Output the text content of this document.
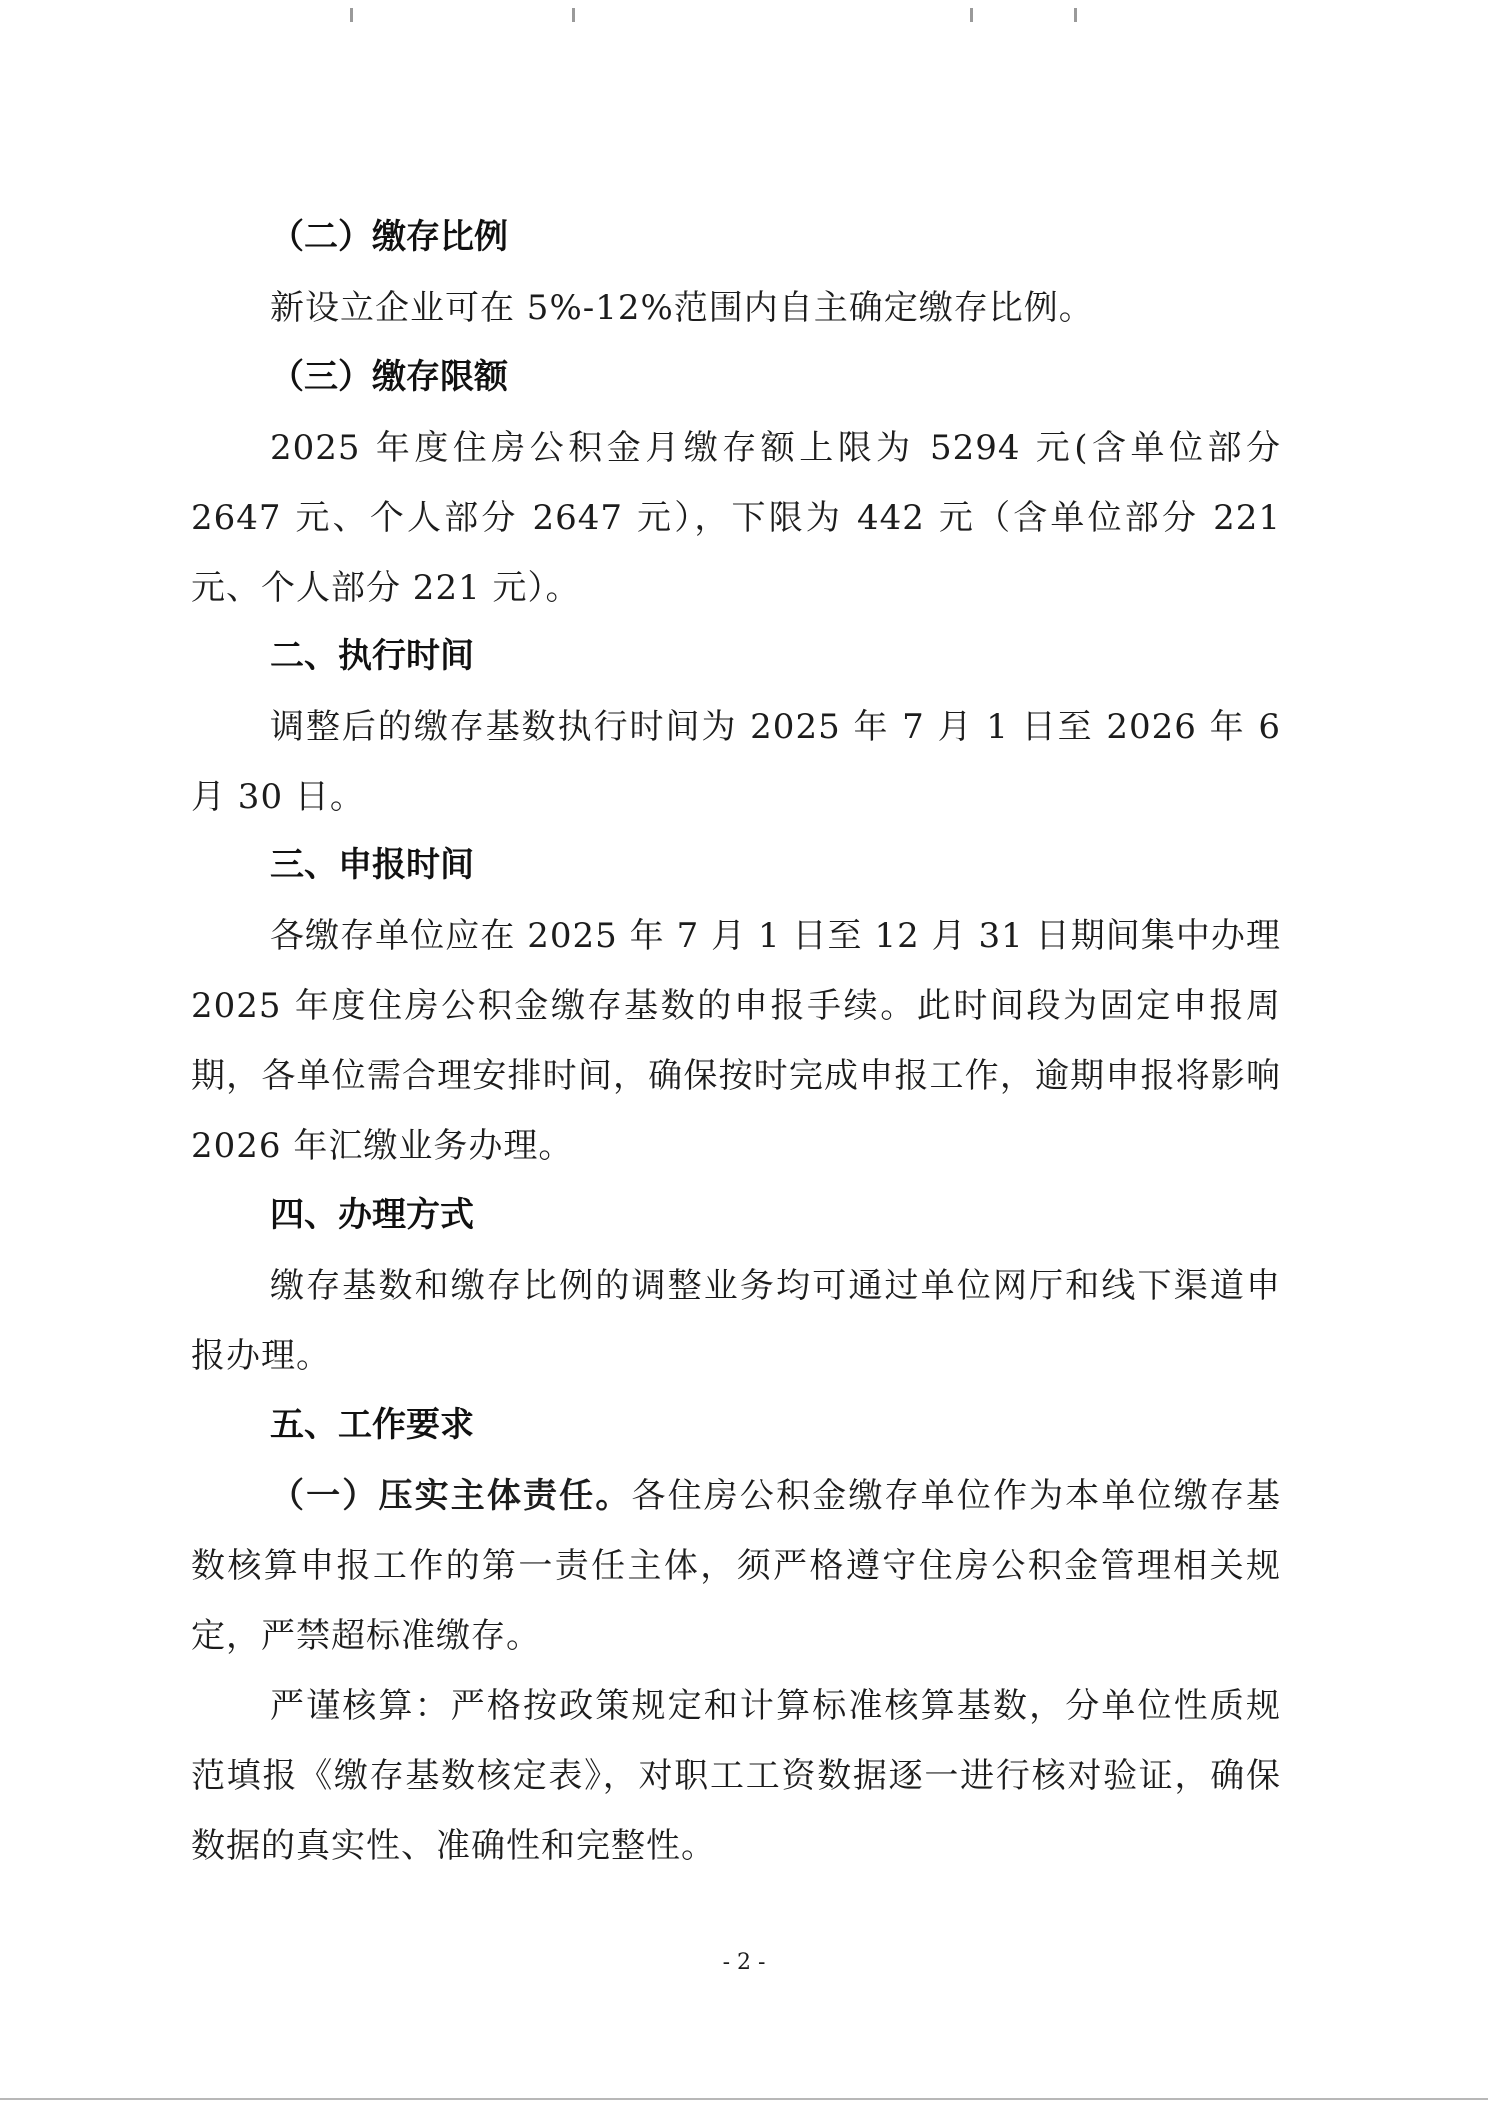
（二）缴存比例

新设立企业可在 5%-12%范围内自主确定缴存比例。

（三）缴存限额

2025 年度住房公积金月缴存额上限为 5294 元(含单位部分 2647 元、个人部分 2647 元），下限为 442 元（含单位部分 221 元、个人部分 221 元）。

二、执行时间

调整后的缴存基数执行时间为 2025 年 7 月 1 日至 2026 年 6 月 30 日。

三、申报时间

各缴存单位应在 2025 年 7 月 1 日至 12 月 31 日期间集中办理 2025 年度住房公积金缴存基数的申报手续。此时间段为固定申报周期，各单位需合理安排时间，确保按时完成申报工作，逾期申报将影响 2026 年汇缴业务办理。

四、办理方式

缴存基数和缴存比例的调整业务均可通过单位网厅和线下渠道申报办理。

五、工作要求

（一）压实主体责任。各住房公积金缴存单位作为本单位缴存基数核算申报工作的第一责任主体，须严格遵守住房公积金管理相关规定，严禁超标准缴存。

严谨核算：严格按政策规定和计算标准核算基数，分单位性质规范填报《缴存基数核定表》，对职工工资数据逐一进行核对验证，确保数据的真实性、准确性和完整性。

- 2 -
